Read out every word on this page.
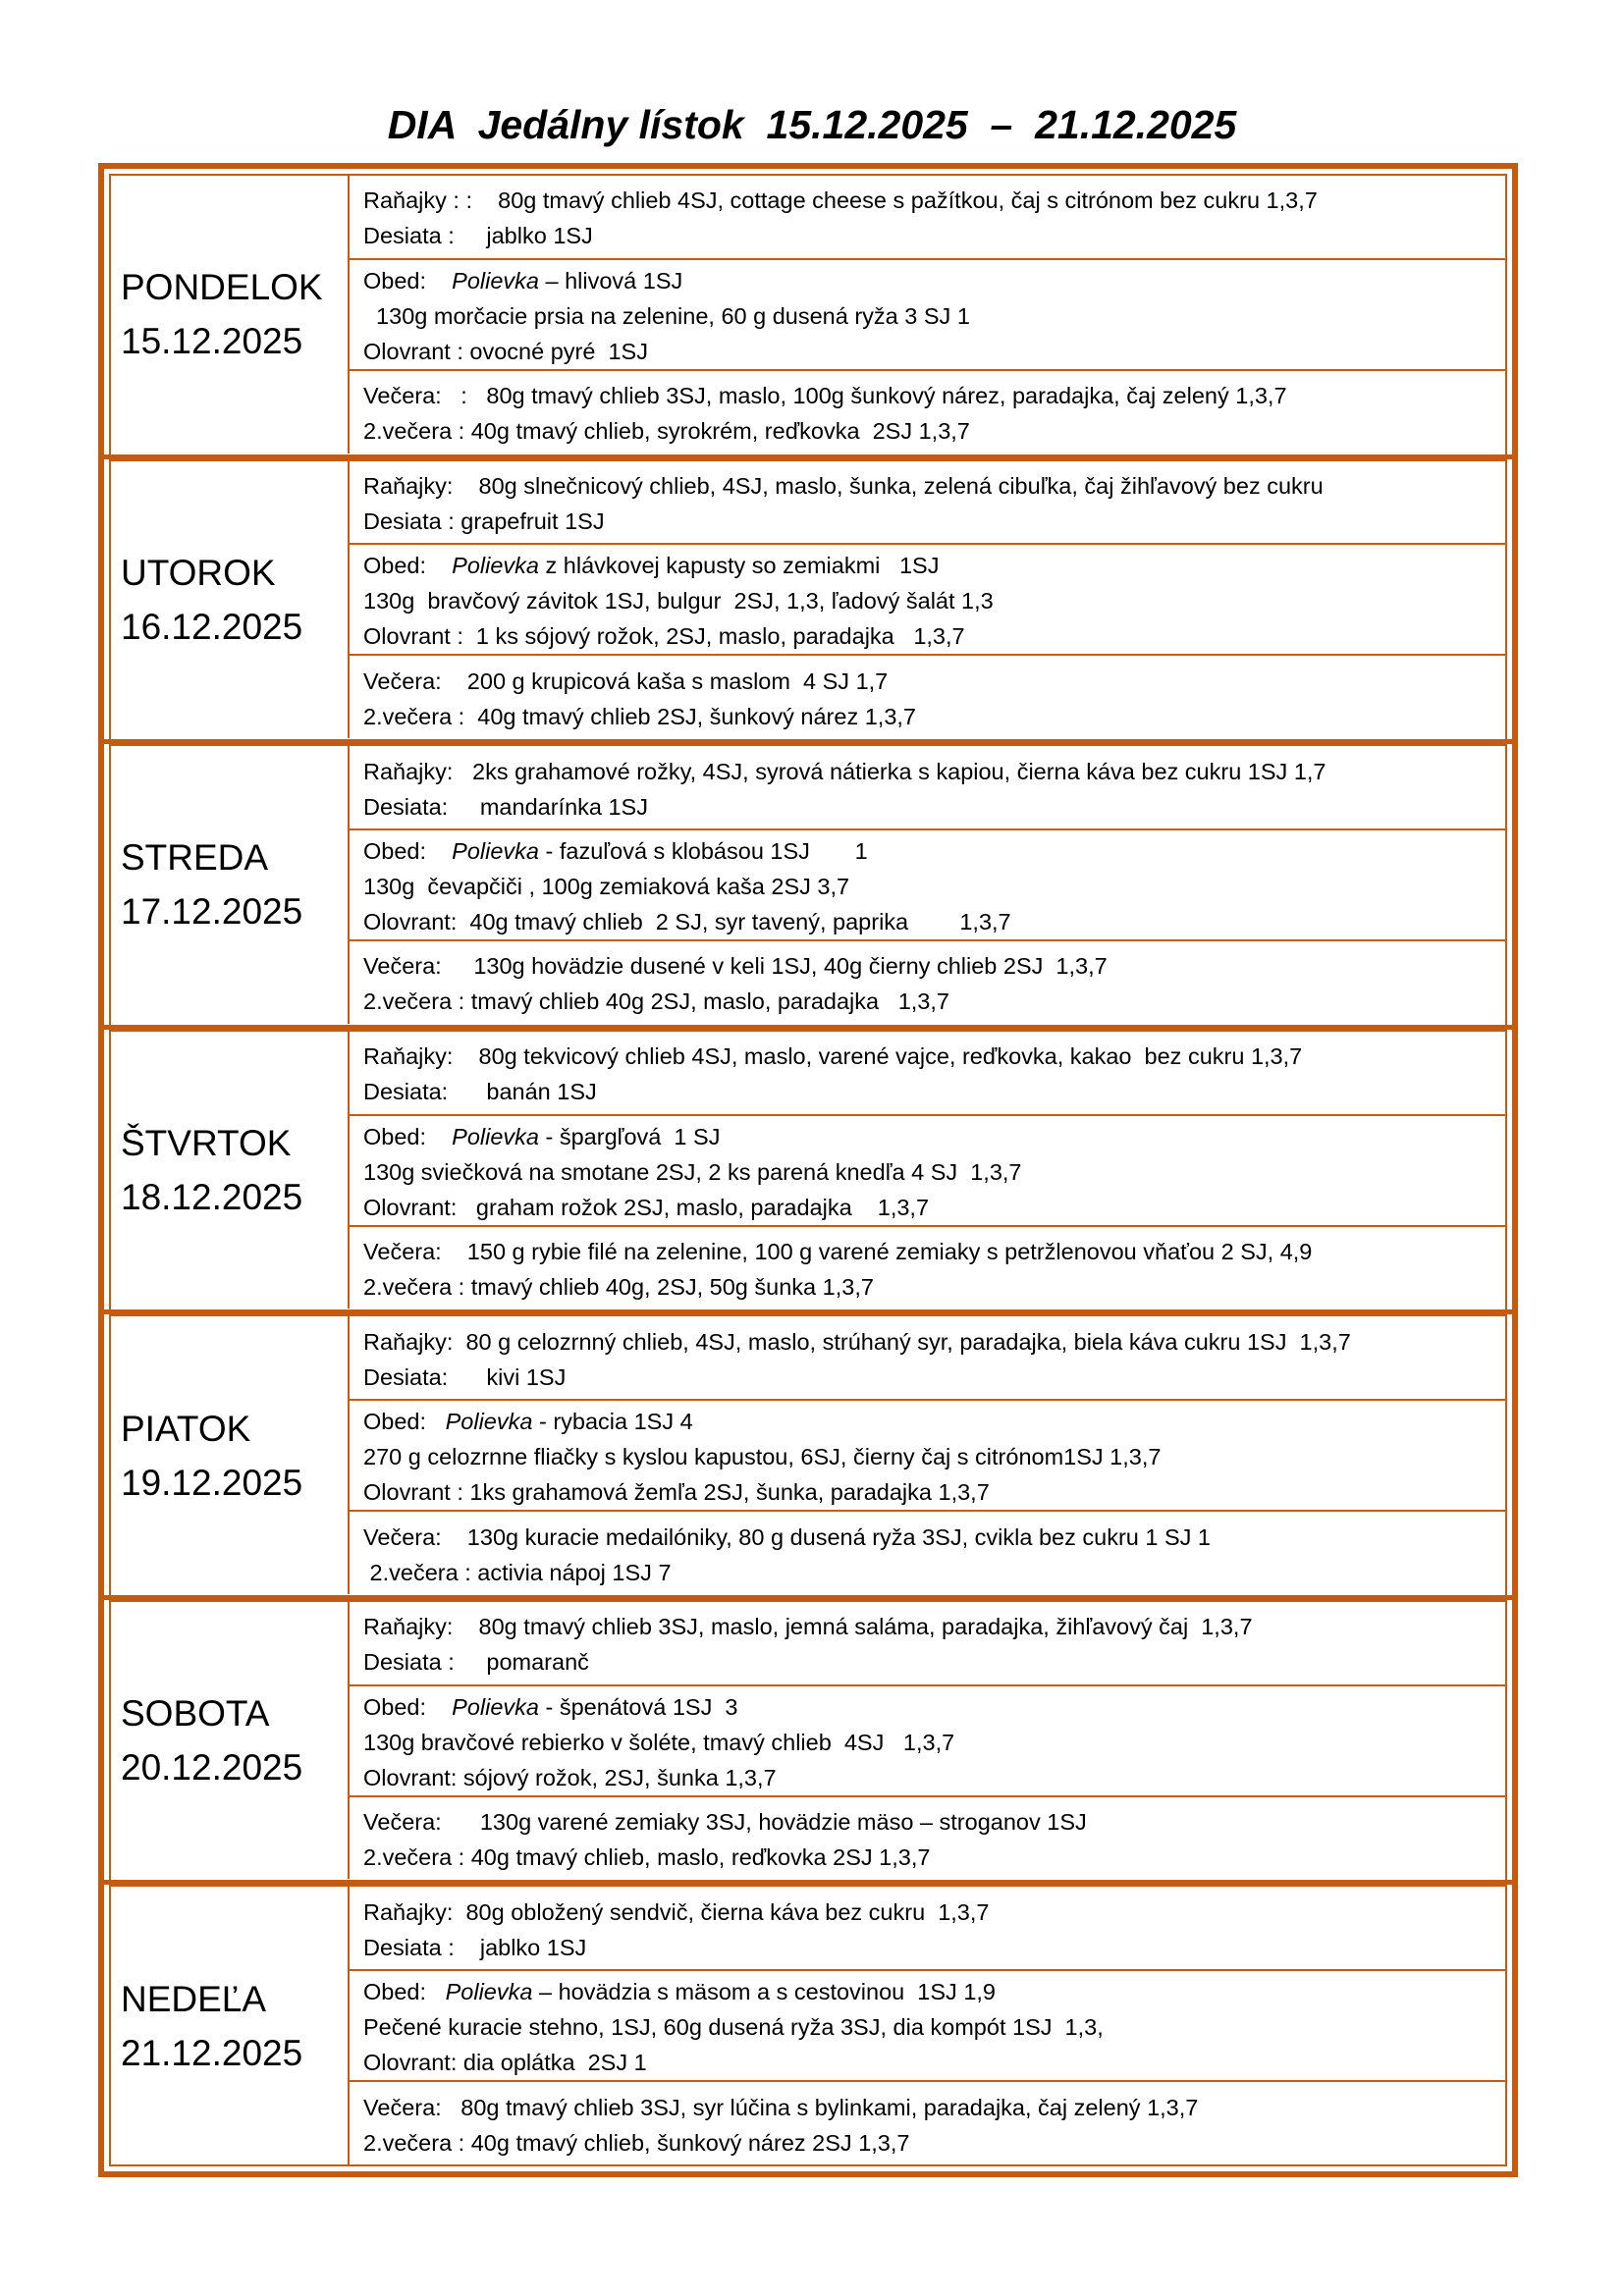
DIA  Jedálny lístok  15.12.2025  –  21.12.2025
PONDELOK
15.12.2025
Raňajky : :    80g tmavý chlieb 4SJ, cottage cheese s pažítkou, čaj s citrónom bez cukru 1,3,7
Desiata :     jablko 1SJ
Obed:    Polievka – hlivová 1SJ
130g morčacie prsia na zelenine, 60 g dusená ryža 3 SJ 1
Olovrant : ovocné pyré  1SJ
Večera:   :   80g tmavý chlieb 3SJ, maslo, 100g šunkový nárez, paradajka, čaj zelený 1,3,7
2.večera : 40g tmavý chlieb, syrokrém, reďkovka  2SJ 1,3,7
UTOROK
16.12.2025
Raňajky:    80g slnečnicový chlieb, 4SJ, maslo, šunka, zelená cibuľka, čaj žihľavový bez cukru
Desiata : grapefruit 1SJ
Obed:    Polievka z hlávkovej kapusty so zemiakmi   1SJ
130g  bravčový závitok 1SJ, bulgur  2SJ, 1,3, ľadový šalát 1,3
Olovrant :  1 ks sójový rožok, 2SJ, maslo, paradajka   1,3,7
Večera:    200 g krupicová kaša s maslom  4 SJ 1,7
2.večera :  40g tmavý chlieb 2SJ, šunkový nárez 1,3,7
STREDA
17.12.2025
Raňajky:   2ks grahamové rožky, 4SJ, syrová nátierka s kapiou, čierna káva bez cukru 1SJ 1,7
Desiata:     mandarínka 1SJ
Obed:    Polievka - fazuľová s klobásou 1SJ       1
130g  čevapčiči , 100g zemiaková kaša 2SJ 3,7
Olovrant:  40g tmavý chlieb  2 SJ, syr tavený, paprika        1,3,7
Večera:     130g hovädzie dusené v keli 1SJ, 40g čierny chlieb 2SJ  1,3,7
2.večera : tmavý chlieb 40g 2SJ, maslo, paradajka   1,3,7
ŠTVRTOK
18.12.2025
Raňajky:    80g tekvicový chlieb 4SJ, maslo, varené vajce, reďkovka, kakao  bez cukru 1,3,7
Desiata:      banán 1SJ
Obed:    Polievka - špargľová  1 SJ
130g sviečková na smotane 2SJ, 2 ks parená knedľa 4 SJ  1,3,7
Olovrant:   graham rožok 2SJ, maslo, paradajka    1,3,7
Večera:    150 g rybie filé na zelenine, 100 g varené zemiaky s petržlenovou vňaťou 2 SJ, 4,9
2.večera : tmavý chlieb 40g, 2SJ, 50g šunka 1,3,7
PIATOK
19.12.2025
Raňajky:  80 g celozrnný chlieb, 4SJ, maslo, strúhaný syr, paradajka, biela káva cukru 1SJ  1,3,7
Desiata:      kivi 1SJ
Obed:   Polievka - rybacia 1SJ 4
270 g celozrnne fliačky s kyslou kapustou, 6SJ, čierny čaj s citrónom1SJ 1,3,7
Olovrant : 1ks grahamová žemľa 2SJ, šunka, paradajka 1,3,7
Večera:    130g kuracie medailóniky, 80 g dusená ryža 3SJ, cvikla bez cukru 1 SJ 1
2.večera : activia nápoj 1SJ 7
SOBOTA
20.12.2025
Raňajky:    80g tmavý chlieb 3SJ, maslo, jemná saláma, paradajka, žihľavový čaj  1,3,7
Desiata :     pomaranč
Obed:    Polievka - špenátová 1SJ  3
130g bravčové rebierko v šoléte, tmavý chlieb  4SJ   1,3,7
Olovrant: sójový rožok, 2SJ, šunka 1,3,7
Večera:      130g varené zemiaky 3SJ, hovädzie mäso – stroganov 1SJ
2.večera : 40g tmavý chlieb, maslo, reďkovka 2SJ 1,3,7
NEDEĽA
21.12.2025
Raňajky:  80g obložený sendvič, čierna káva bez cukru  1,3,7
Desiata :    jablko 1SJ
Obed:   Polievka – hovädzia s mäsom a s cestovinou  1SJ 1,9
Pečené kuracie stehno, 1SJ, 60g dusená ryža 3SJ, dia kompót 1SJ  1,3,
Olovrant: dia oplátka  2SJ 1
Večera:   80g tmavý chlieb 3SJ, syr lúčina s bylinkami, paradajka, čaj zelený 1,3,7
2.večera : 40g tmavý chlieb, šunkový nárez 2SJ 1,3,7
